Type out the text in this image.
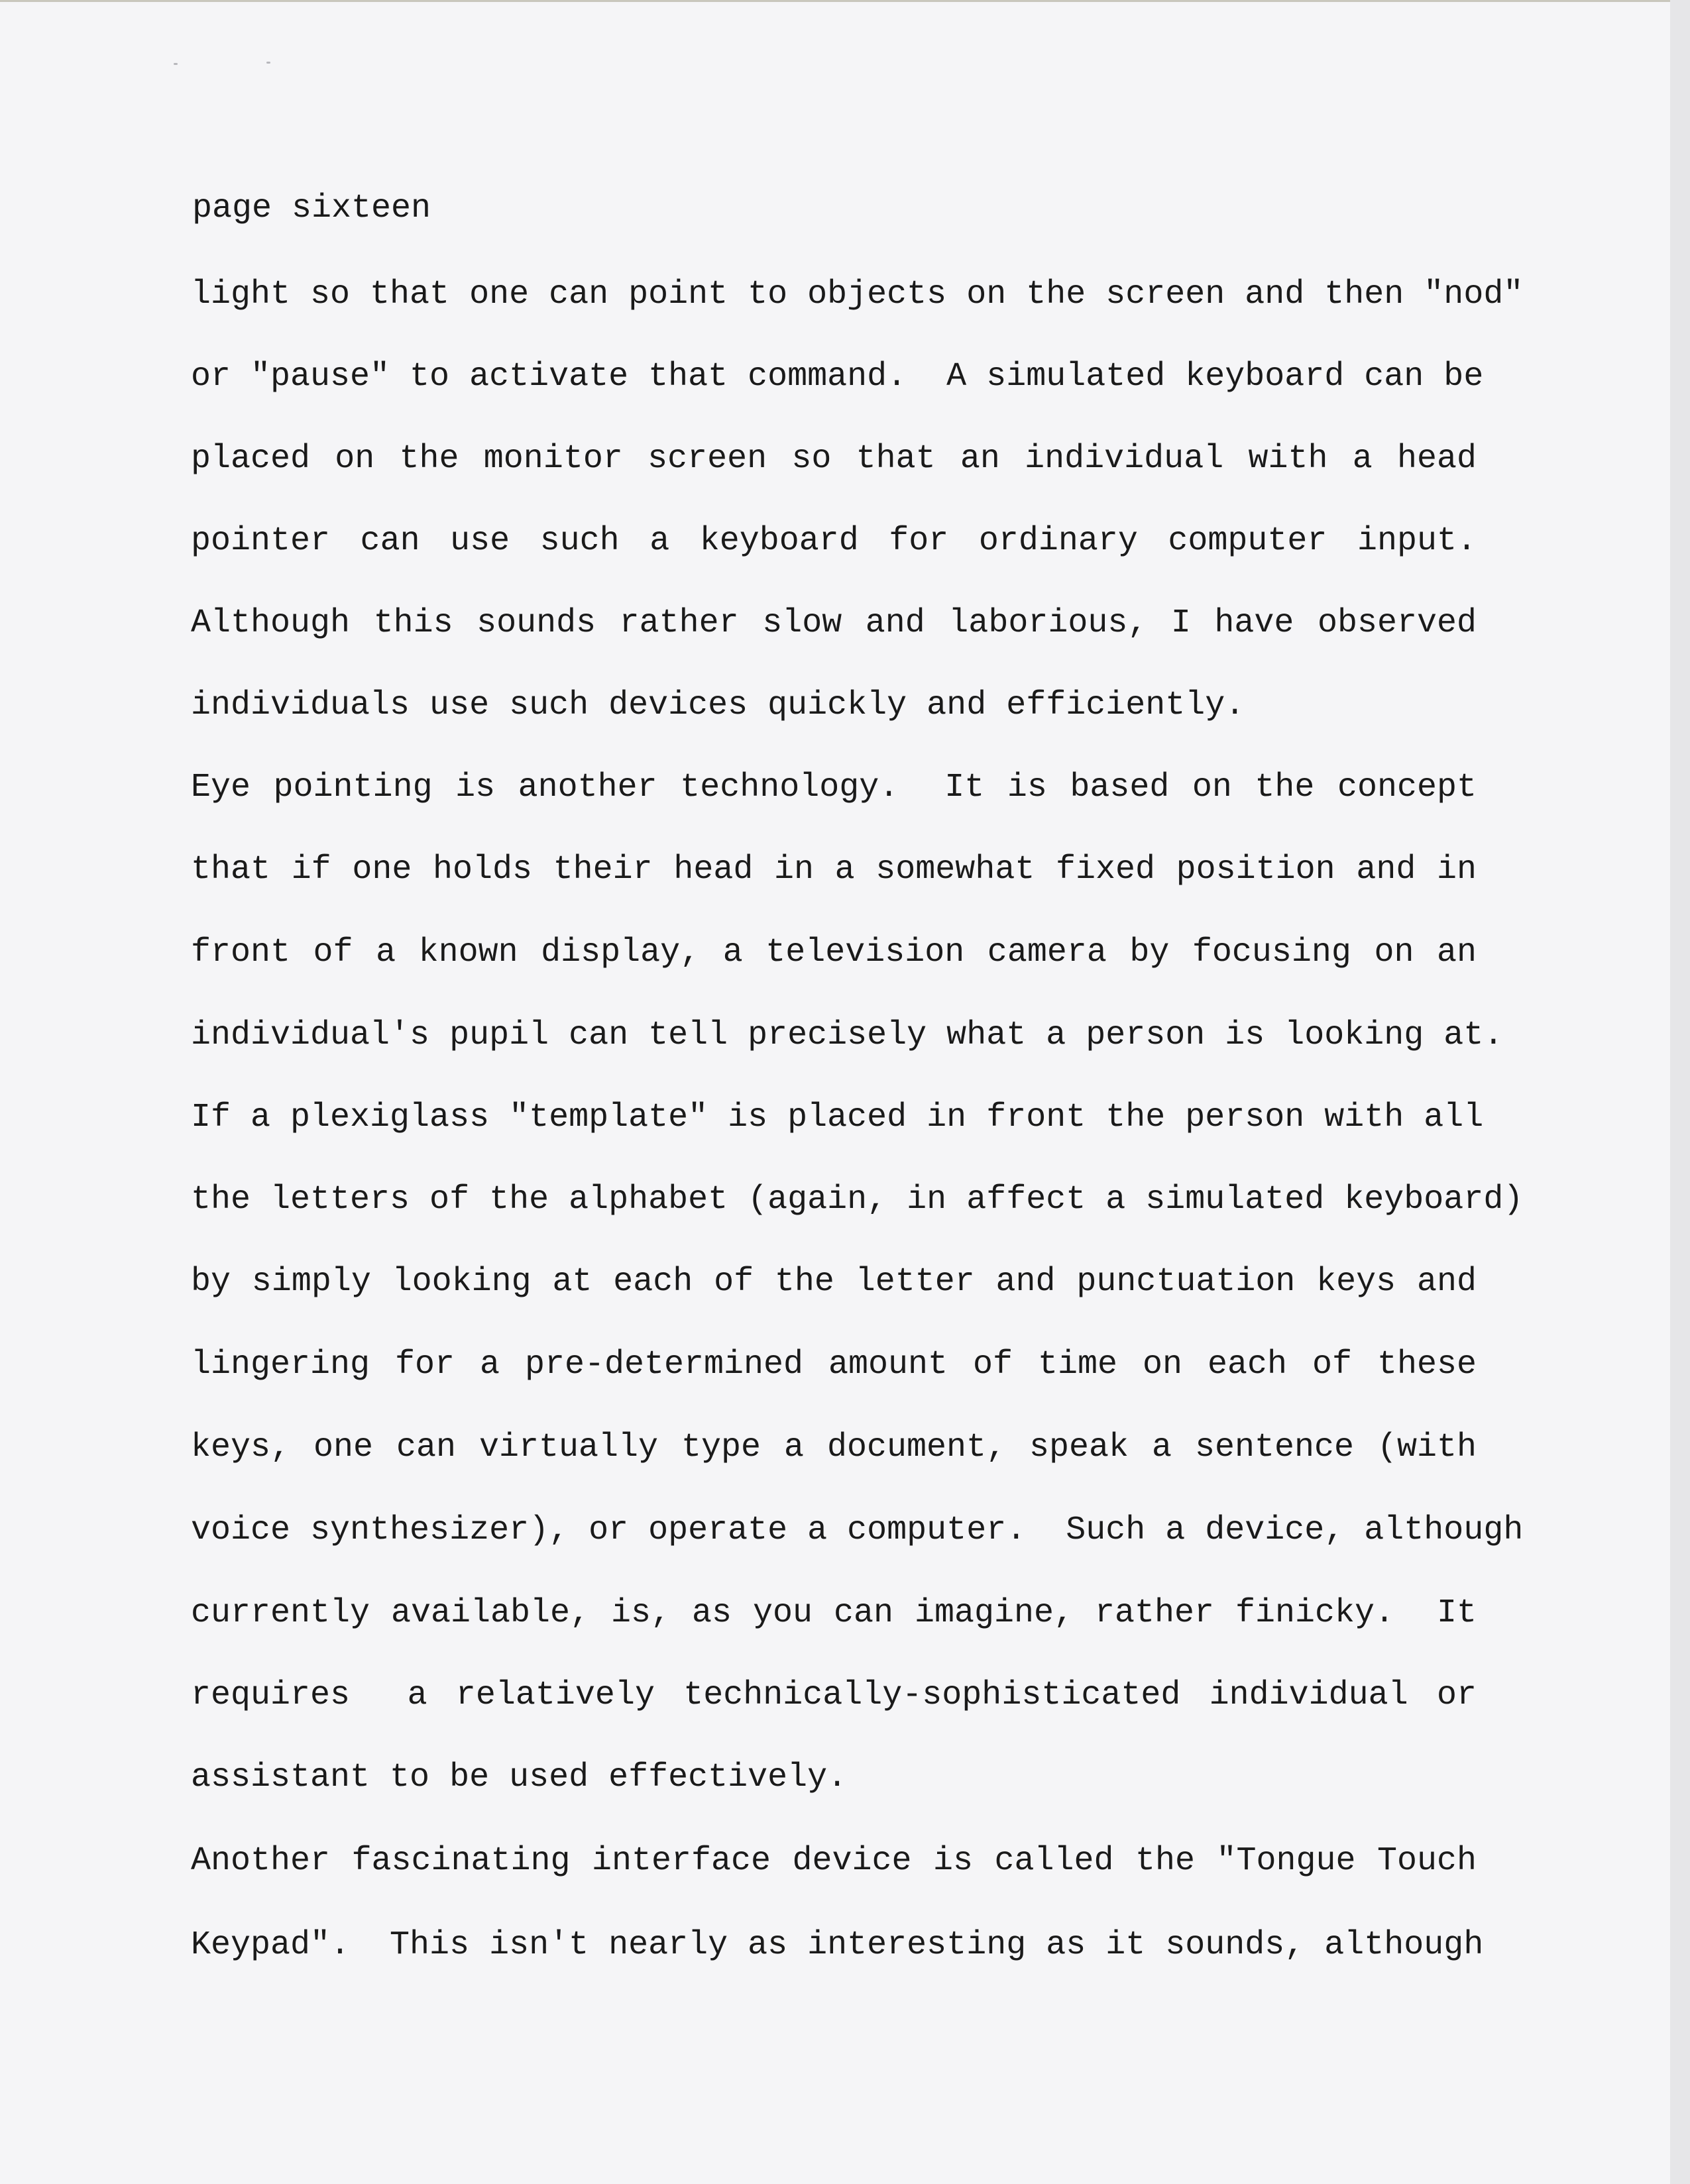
page sixteen
light so that one can point to objects on the screen and then "nod"
or "pause" to activate that command.  A simulated keyboard can be
placed on the monitor screen so that an individual with a head
pointer can use such a keyboard for ordinary computer input.
Although this sounds rather slow and laborious, I have observed
individuals use such devices quickly and efficiently.
Eye pointing is another technology.  It is based on the concept
that if one holds their head in a somewhat fixed position and in
front of a known display, a television camera by focusing on an
individual's pupil can tell precisely what a person is looking at.
If a plexiglass "template" is placed in front the person with all
the letters of the alphabet (again, in affect a simulated keyboard)
by simply looking at each of the letter and punctuation keys and
lingering for a pre-determined amount of time on each of these
keys, one can virtually type a document, speak a sentence (with
voice synthesizer), or operate a computer.  Such a device, although
currently available, is, as you can imagine, rather finicky.  It
requires  a relatively technically-sophisticated individual or
assistant to be used effectively.
Another fascinating interface device is called the "Tongue Touch
Keypad".  This isn't nearly as interesting as it sounds, although
